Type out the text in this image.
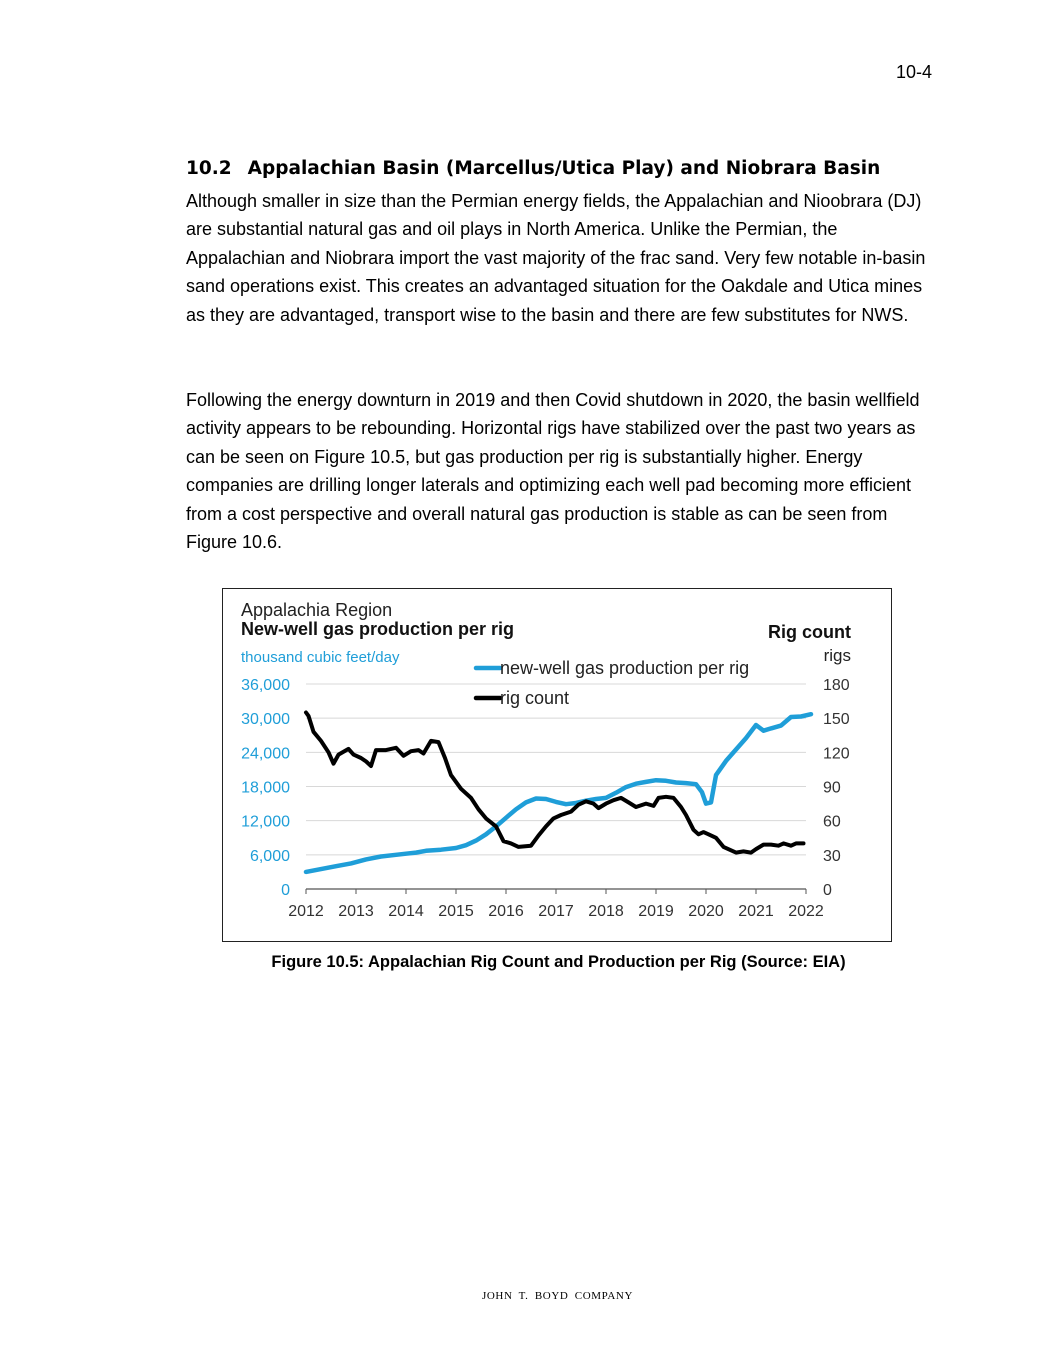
10-4
10.2 Appalachian Basin (Marcellus/Utica Play) and Niobrara Basin

Although smaller in size than the Permian energy fields, the Appalachian and Nioobrara (DJ) are substantial natural gas and oil plays in North America. Unlike the Permian, the Appalachian and Niobrara import the vast majority of the frac sand. Very few notable in-basin sand operations exist. This creates an advantaged situation for the Oakdale and Utica mines as they are advantaged, transport wise to the basin and there are few substitutes for NWS.

Following the energy downturn in 2019 and then Covid shutdown in 2020, the basin wellfield activity appears to be rebounding. Horizontal rigs have stabilized over the past two years as can be seen on Figure 10.5, but gas production per rig is substantially higher. Energy companies are drilling longer laterals and optimizing each well pad becoming more efficient from a cost perspective and overall natural gas production is stable as can be seen from Figure 10.6.

Appalachia Region
New-well gas production per rig
thousand cubic feet/day
Rig count
rigs
2012 2013 2014 2015 2016 2017 2018 2019 2020 2021 2022
36,000
30,000
24,000
18,000
12,000
6,000
0
180
150
120
90
60
30
0
new-well gas production per rig
rig count
Figure 10.5: Appalachian Rig Count and Production per Rig (Source: EIA)
JOHN T. BOYD COMPANY
